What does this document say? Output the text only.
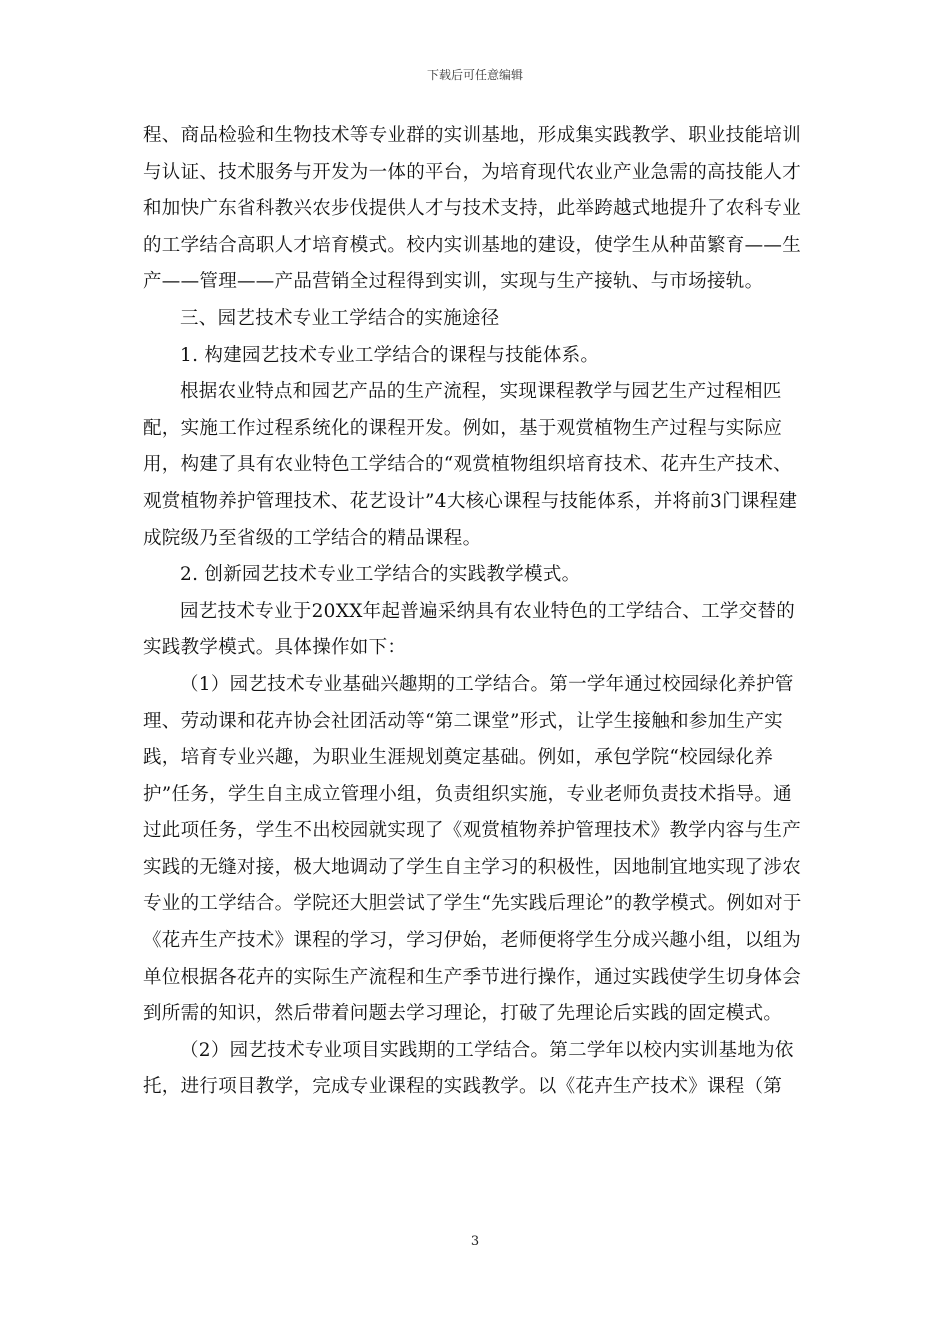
下载后可任意编辑

程、商品检验和生物技术等专业群的实训基地，形成集实践教学、职业技能培训与认证、技术服务与开发为一体的平台，为培育现代农业产业急需的高技能人才和加快广东省科教兴农步伐提供人才与技术支持，此举跨越式地提升了农科专业的工学结合高职人才培育模式。校内实训基地的建设，使学生从种苗繁育——生产——管理——产品营销全过程得到实训，实现与生产接轨、与市场接轨。

三、园艺技术专业工学结合的实施途径

1. 构建园艺技术专业工学结合的课程与技能体系。

根据农业特点和园艺产品的生产流程，实现课程教学与园艺生产过程相匹配，实施工作过程系统化的课程开发。例如，基于观赏植物生产过程与实际应用，构建了具有农业特色工学结合的“观赏植物组织培育技术、花卉生产技术、观赏植物养护管理技术、花艺设计”4大核心课程与技能体系，并将前3门课程建成院级乃至省级的工学结合的精品课程。

2. 创新园艺技术专业工学结合的实践教学模式。

园艺技术专业于20XX年起普遍采纳具有农业特色的工学结合、工学交替的实践教学模式。具体操作如下：

（1）园艺技术专业基础兴趣期的工学结合。第一学年通过校园绿化养护管理、劳动课和花卉协会社团活动等“第二课堂”形式，让学生接触和参加生产实践，培育专业兴趣，为职业生涯规划奠定基础。例如，承包学院“校园绿化养护”任务，学生自主成立管理小组，负责组织实施，专业老师负责技术指导。通过此项任务，学生不出校园就实现了《观赏植物养护管理技术》教学内容与生产实践的无缝对接，极大地调动了学生自主学习的积极性，因地制宜地实现了涉农专业的工学结合。学院还大胆尝试了学生“先实践后理论”的教学模式。例如对于《花卉生产技术》课程的学习，学习伊始，老师便将学生分成兴趣小组，以组为单位根据各花卉的实际生产流程和生产季节进行操作，通过实践使学生切身体会到所需的知识，然后带着问题去学习理论，打破了先理论后实践的固定模式。

（2）园艺技术专业项目实践期的工学结合。第二学年以校内实训基地为依托，进行项目教学，完成专业课程的实践教学。以《花卉生产技术》课程（第

3
